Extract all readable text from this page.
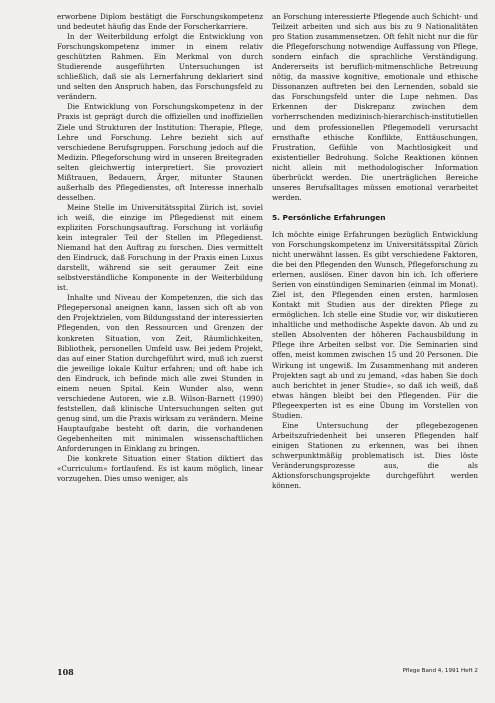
erworbene Diplom bestätigt die Forschungskompetenz und bedeutet häufig das Ende der Forscherkarriere.

In der Weiterbildung erfolgt die Entwicklung von Forschungskompetenz immer in einem relativ geschützten Rahmen. Ein Merkmal von durch Studierende ausgeführten Untersuchungen ist schließlich, daß sie als Lernerfahrung deklariert sind und selten den Anspruch haben, das Forschungsfeld zu verändern.

Die Entwicklung von Forschungskompetenz in der Praxis ist geprägt durch die offiziellen und inoffiziellen Ziele und Strukturen der Institution: Therapie, Pflege, Lehre und Forschung. Lehre bezieht sich auf verschiedene Berufsgruppen. Forschung jedoch auf die Medizin. Pflegeforschung wird in unseren Breitegraden selten gleichwertig interpretiert. Sie provoziert Mißtrauen, Bedauern, Ärger, mitunter Staunen außerhalb des Pflegedienstes, oft Interesse innerhalb desselben.

Meine Stelle im Universitätsspital Zürich ist, soviel ich weiß, die einzige im Pflegedienst mit einem expliziten Forschungsauftrag. Forschung ist vorläufig kein integraler Teil der Stellen im Pflegedienst. Niemand hat den Auftrag zu forschen. Dies vermittelt den Eindruck, daß Forschung in der Praxis einen Luxus darstellt, während sie seit geraumer Zeit eine selbstverständliche Komponente in der Weiterbildung ist.

Inhalte und Niveau der Kompetenzen, die sich das Pflegepersonal aneignen kann, lassen sich oft ab von den Projektzielen, vom Bildungsstand der interessierten Pflegenden, von den Ressourcen und Grenzen der konkreten Situation, von Zeit, Räumlichkeiten, Bibliothek, personellen Umfeld usw. Bei jedem Projekt, das auf einer Station durchgeführt wird, muß ich zuerst die jeweilige lokale Kultur erfahren; und oft habe ich den Eindruck, ich befinde mich alle zwei Stunden in einem neuen Spital. Kein Wunder also, wenn verschiedene Autoren, wie z.B. Wilson-Barnett (1990) feststellen, daß klinische Untersuchungen selten gut genug sind, um die Praxis wirksam zu verändern. Meine Hauptaufgabe besteht oft darin, die vorhandenen Gegebenheiten mit minimalen wissenschaftlichen Anforderungen in Einklang zu bringen.

Die konkrete Situation einer Station diktiert das «Curriculum» fortlaufend. Es ist kaum möglich, linear vorzugehen. Dies umso weniger, als

an Forschung interessierte Pflegende auch Schicht- und Teilzeit arbeiten und sich aus bis zu 9 Nationalitäten pro Station zusammensetzen. Oft fehlt nicht nur die für die Pflegeforschung notwendige Auffassung von Pflege, sondern einfach die sprachliche Verständigung. Andererseits ist beruflich-mitmenschliche Betreuung nötig, da massive kognitive, emotionale und ethische Dissonanzen auftreten bei den Lernenden, sobald sie das Forschungsfeld unter die Lupe nehmen. Das Erkennen der Diskrepanz zwischen dem vorherrschenden medizinisch-hierarchisch-institutiellen und dem professionellen Pflegemodell verursacht ernsthafte ethische Konflikte, Enttäuschungen, Frustration, Gefühle von Machtlosigkeit und existentieller Bedrohung. Solche Reaktionen können nicht allein mit methodologischer Information überbrückt werden. Die unerträglichen Bereiche unseres Berufsalltages müssen emotional verarbeitet werden.

5. Persönliche Erfahrungen

Ich möchte einige Erfahrungen bezüglich Entwicklung von Forschungskompetenz im Universitätsspital Zürich nicht unerwähnt lassen. Es gibt verschiedene Faktoren, die bei den Pflegenden den Wunsch, Pflegeforschung zu erlernen, auslösen. Einer davon bin ich. Ich offeriere Serien von einstündigen Seminarien (einmal im Monat). Ziel ist, den Pflegenden einen ersten, harmlosen Kontakt mit Studien aus der direkten Pflege zu ermöglichen. Ich stelle eine Studie vor, wir diskutieren inhaltliche und methodische Aspekte davon. Ab und zu stellen Absolventen der höheren Fachausbildung in Pflege ihre Arbeiten selbst vor. Die Seminarien sind offen, meist kommen zwischen 15 und 20 Personen. Die Wirkung ist ungewiß. Im Zusammenhang mit anderen Projekten sagt ab und zu jemand, «das haben Sie doch auch berichtet in jener Studie», so daß ich weiß, daß etwas hängen bleibt bei den Pflegenden. Für die Pflegeexperten ist es eine Übung im Vorstellen von Studien.

Eine Untersuchung der pflegebezogenen Arbeitszufriedenheit bei unseren Pflegenden half einigen Stationen zu erkennen, was bei ihnen schwerpunktmäßig problematisch ist. Dies löste Veränderungsprozesse aus, die als Aktionsforschungsprojekte durchgeführt werden können.

108	Pflege Band 4, 1991 Heft 2
